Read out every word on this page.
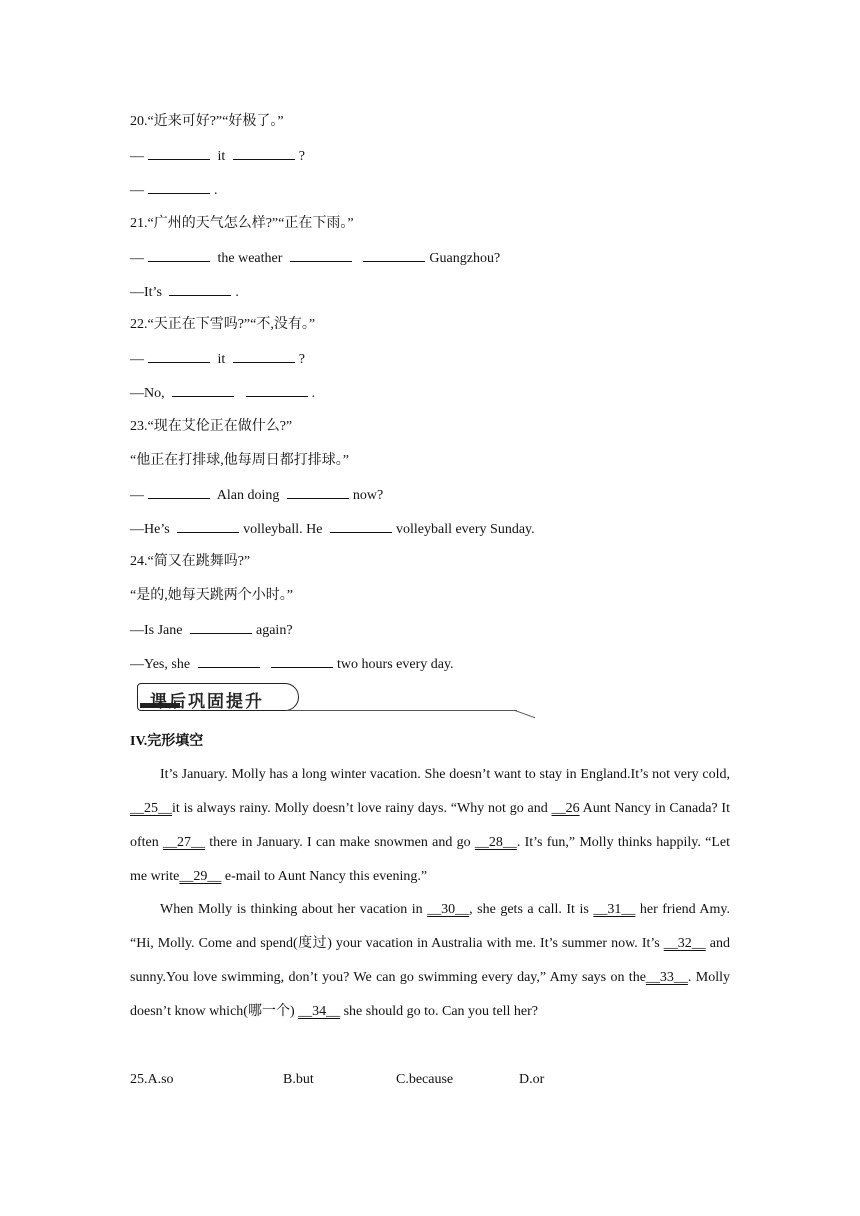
20.“近来可好?”“好极了。”
—	it	?
—	.
21.“广州的天气怎么样?”“正在下雨。”
—	the weather	Guangzhou?
—It’s	.
22.“天正在下雪吗?”“不,没有。”
—	it	?
—No,	.
23.“现在艾伦正在做什么?”
“他正在打排球,他每周日都打排球。”
—	Alan doing	now?
—He’s	volleyball. He	volleyball every Sunday.
24.“简又在跳舞吗?”
“是的,她每天跳两个小时。”
—Is Jane	again?
—Yes, she	two hours every day.
课后巩固提升
IV.完形填空
It’s January. Molly has a long winter vacation. She doesn’t want to stay in England.It’s not very cold, __25__it is always rainy. Molly doesn’t love rainy days. “Why not go and __26 Aunt Nancy in Canada? It often __27__ there in January. I can make snowmen and go __28__. It’s fun,” Molly thinks happily. “Let me write__29__ e-mail to Aunt Nancy this evening.”
When Molly is thinking about her vacation in __30__, she gets a call. It is __31__ her friend Amy. “Hi, Molly. Come and spend(度过) your vacation in Australia with me. It’s summer now. It’s __32__ and sunny.You love swimming, don’t you? We can go swimming every day,” Amy says on the__33__. Molly doesn’t know which(哪一个) __34__ she should go to. Can you tell her?
25.A.so	B.but	C.because	D.or
